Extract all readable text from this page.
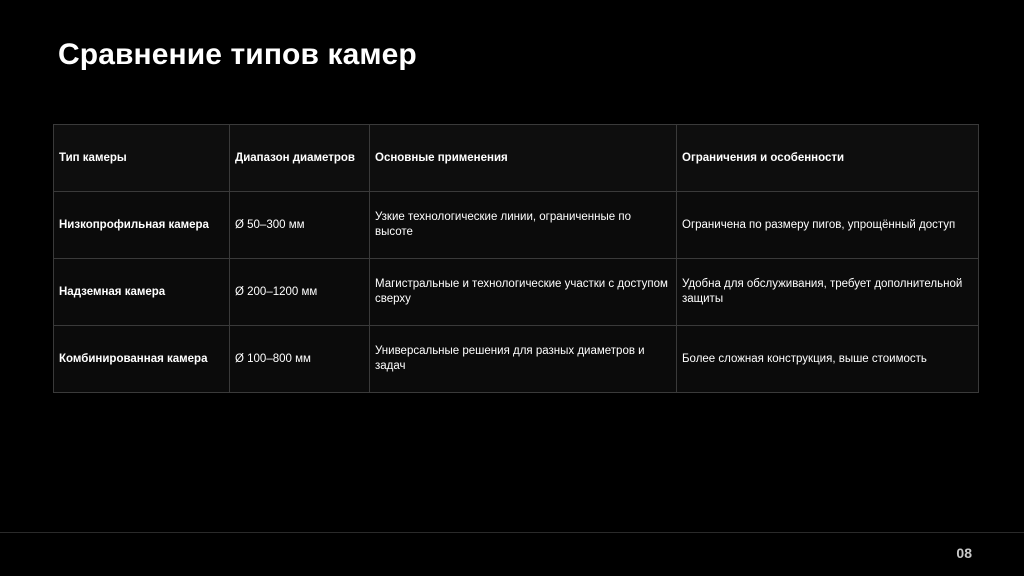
Сравнение типов камер
Тип камеры	Диапазон диаметров	Основные применения	Ограничения и особенности
Низкопрофильная камера	Ø 50–300 мм	Узкие технологические линии, ограниченные по высоте	Ограничена по размеру пигов, упрощённый доступ
Надземная камера	Ø 200–1200 мм	Магистральные и технологические участки с доступом сверху	Удобна для обслуживания, требует дополнительной защиты
Комбинированная камера	Ø 100–800 мм	Универсальные решения для разных диаметров и задач	Более сложная конструкция, выше стоимость
08
